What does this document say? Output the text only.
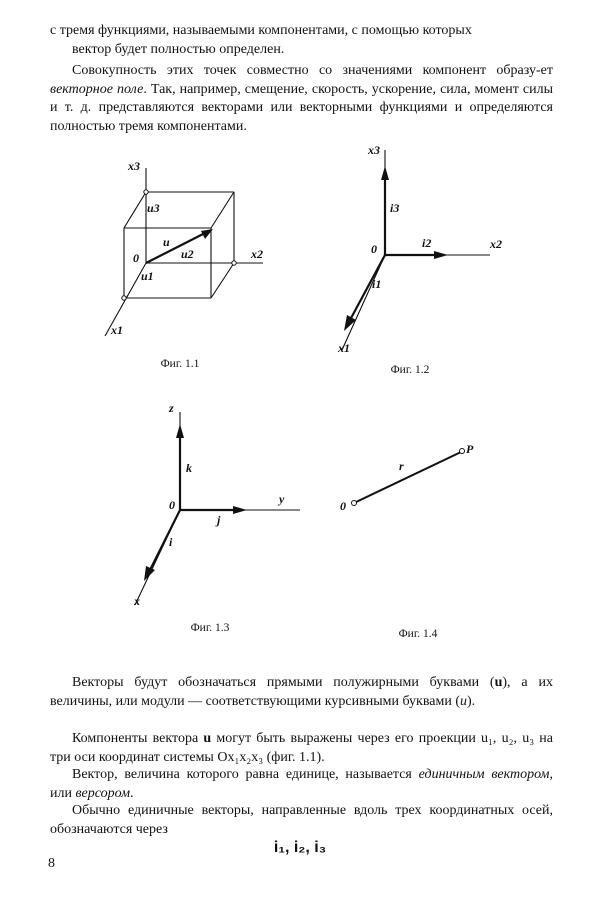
с тремя функциями, называемыми компонентами, с помощью которых
вектор будет полностью определен.

Совокупность этих точек совместно со значениями компонент образу-ет векторное поле. Так, например, смещение, скорость, ускорение, сила, момент силы и т. д. представляются векторами или векторными функциями и определяются полностью тремя компонентами.

x3
x2
x1
0
u
u3
u2
u1
Фиг. 1.1
x3
x2
x1
0
i3
i2
i1
Фиг. 1.2
z
y
x
0
k
j
i
Фиг. 1.3
0
r
P
Фиг. 1.4

Векторы будут обозначаться прямыми полужирными буквами (u), а их величины, или модули — соответствующими курсивными буквами (u).

Компоненты вектора u могут быть выражены через его проекции u₁, u₂, u₃ на три оси координат системы Ox₁x₂x₃ (фиг. 1.1).

Вектор, величина которого равна единице, называется единичным вектором, или версором.

Обычно единичные векторы, направленные вдоль трех координатных осей, обозначаются через

i₁, i₂, i₃
8
